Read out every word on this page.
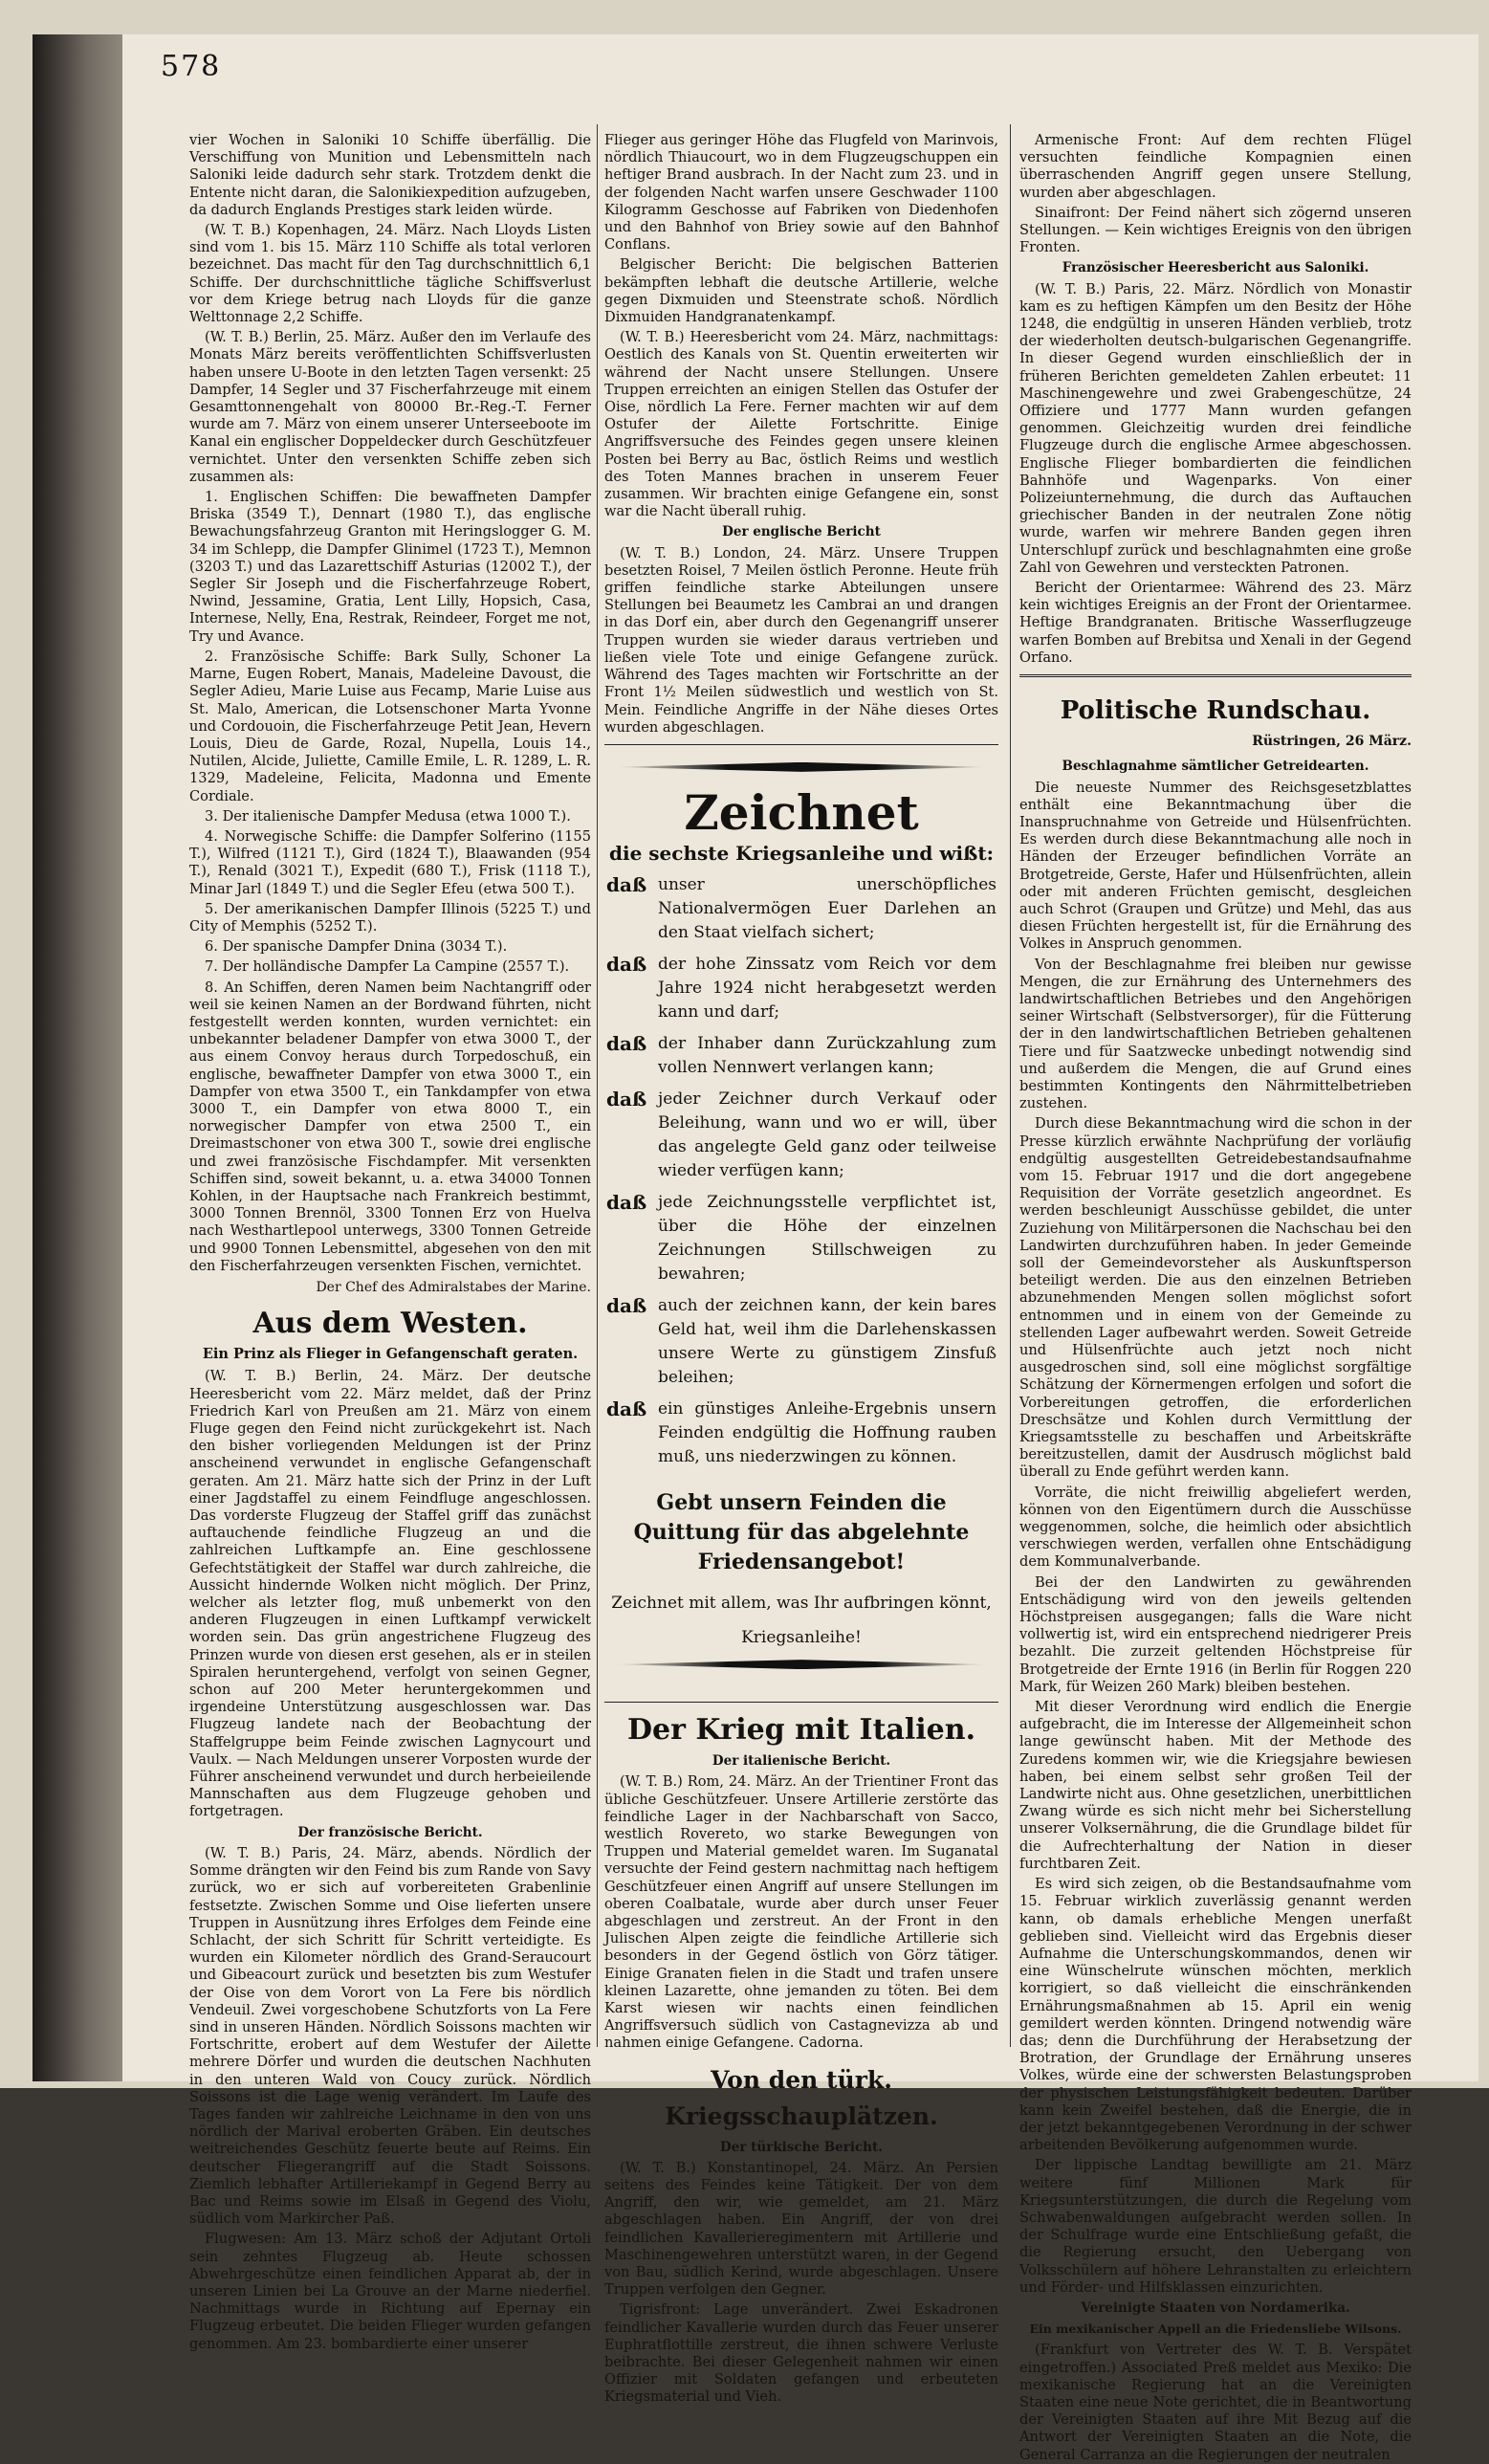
578

vier Wochen in Saloniki 10 Schiffe überfällig. Die Verschiffung von Munition und Lebensmitteln nach Saloniki leide dadurch sehr stark. Trotzdem denkt die Entente nicht daran, die Salonikiexpedition aufzugeben, da dadurch Englands Prestiges stark leiden würde.

(W. T. B.) Kopenhagen, 24. März. Nach Lloyds Listen sind vom 1. bis 15. März 110 Schiffe als total verloren bezeichnet. Das macht für den Tag durchschnittlich 6,1 Schiffe. Der durchschnittliche tägliche Schiffsverlust vor dem Kriege betrug nach Lloyds für die ganze Welttonnage 2,2 Schiffe.

(W. T. B.) Berlin, 25. März. Außer den im Verlaufe des Monats März bereits veröffentlichten Schiffsverlusten haben unsere U-Boote in den letzten Tagen versenkt: 25 Dampfer, 14 Segler und 37 Fischerfahrzeuge mit einem Gesamttonnengehalt von 80000 Br.-Reg.-T. Ferner wurde am 7. März von einem unserer Unterseeboote im Kanal ein englischer Doppeldecker durch Geschützfeuer vernichtet. Unter den versenkten Schiffe zeben sich zusammen als:

1. Englischen Schiffen: Die bewaffneten Dampfer Briska (3549 T.), Dennart (1980 T.), das englische Bewachungsfahrzeug Granton mit Heringslogger G. M. 34 im Schlepp, die Dampfer Glinimel (1723 T.), Memnon (3203 T.) und das Lazarettschiff Asturias (12002 T.), der Segler Sir Joseph und die Fischerfahrzeuge Robert, Nwind, Jessamine, Gratia, Lent Lilly, Hopsich, Casa, Internese, Nelly, Ena, Restrak, Reindeer, Forget me not, Try und Avance.

2. Französische Schiffe: Bark Sully, Schoner La Marne, Eugen Robert, Manais, Madeleine Davoust, die Segler Adieu, Marie Luise aus Fecamp, Marie Luise aus St. Malo, American, die Lotsenschoner Marta Yvonne und Cordouoin, die Fischerfahrzeuge Petit Jean, Hevern Louis, Dieu de Garde, Rozal, Nupella, Louis 14., Nutilen, Alcide, Juliette, Camille Emile, L. R. 1289, L. R. 1329, Madeleine, Felicita, Madonna und Emente Cordiale.

3. Der italienische Dampfer Medusa (etwa 1000 T.).

4. Norwegische Schiffe: die Dampfer Solferino (1155 T.), Wilfred (1121 T.), Gird (1824 T.), Blaawanden (954 T.), Renald (3021 T.), Expedit (680 T.), Frisk (1118 T.), Minar Jarl (1849 T.) und die Segler Efeu (etwa 500 T.).

5. Der amerikanischen Dampfer Illinois (5225 T.) und City of Memphis (5252 T.).

6. Der spanische Dampfer Dnina (3034 T.).

7. Der holländische Dampfer La Campine (2557 T.).

8. An Schiffen, deren Namen beim Nachtangriff oder weil sie keinen Namen an der Bordwand führten, nicht festgestellt werden konnten, wurden vernichtet: ein unbekannter beladener Dampfer von etwa 3000 T., der aus einem Convoy heraus durch Torpedoschuß, ein englische, bewaffneter Dampfer von etwa 3000 T., ein Dampfer von etwa 3500 T., ein Tankdampfer von etwa 3000 T., ein Dampfer von etwa 8000 T., ein norwegischer Dampfer von etwa 2500 T., ein Dreimastschoner von etwa 300 T., sowie drei englische und zwei französische Fischdampfer. Mit versenkten Schiffen sind, soweit bekannt, u. a. etwa 34000 Tonnen Kohlen, in der Hauptsache nach Frankreich bestimmt, 3000 Tonnen Brennöl, 3300 Tonnen Erz von Huelva nach Westhartlepool unterwegs, 3300 Tonnen Getreide und 9900 Tonnen Lebensmittel, abgesehen von den mit den Fischerfahrzeugen versenkten Fischen, vernichtet.

Der Chef des Admiralstabes der Marine.
Aus dem Westen.
Ein Prinz als Flieger in Gefangenschaft geraten.

(W. T. B.) Berlin, 24. März. Der deutsche Heeresbericht vom 22. März meldet, daß der Prinz Friedrich Karl von Preußen am 21. März von einem Fluge gegen den Feind nicht zurückgekehrt ist. Nach den bisher vorliegenden Meldungen ist der Prinz anscheinend verwundet in englische Gefangenschaft geraten. Am 21. März hatte sich der Prinz in der Luft einer Jagdstaffel zu einem Feindfluge angeschlossen. Das vorderste Flugzeug der Staffel griff das zunächst auftauchende feindliche Flugzeug an und die zahlreichen Luftkampfe an. Eine geschlossene Gefechtstätigkeit der Staffel war durch zahlreiche, die Aussicht hindernde Wolken nicht möglich. Der Prinz, welcher als letzter flog, muß unbemerkt von den anderen Flugzeugen in einen Luftkampf verwickelt worden sein. Das grün angestrichene Flugzeug des Prinzen wurde von diesen erst gesehen, als er in steilen Spiralen heruntergehend, verfolgt von seinen Gegner, schon auf 200 Meter heruntergekommen und irgendeine Unterstützung ausgeschlossen war. Das Flugzeug landete nach der Beobachtung der Staffelgruppe beim Feinde zwischen Lagnycourt und Vaulx. — Nach Meldungen unserer Vorposten wurde der Führer anscheinend verwundet und durch herbeieilende Mannschaften aus dem Flugzeuge gehoben und fortgetragen.

Der französische Bericht.

(W. T. B.) Paris, 24. März, abends. Nördlich der Somme drängten wir den Feind bis zum Rande von Savy zurück, wo er sich auf vorbereiteten Grabenlinie festsetzte. Zwischen Somme und Oise lieferten unsere Truppen in Ausnützung ihres Erfolges dem Feinde eine Schlacht, der sich Schritt für Schritt verteidigte. Es wurden ein Kilometer nördlich des Grand-Seraucourt und Gibeacourt zurück und besetzten bis zum Westufer der Oise von dem Vorort von La Fere bis nördlich Vendeuil. Zwei vorgeschobene Schutzforts von La Fere sind in unseren Händen. Nördlich Soissons machten wir Fortschritte, erobert auf dem Westufer der Ailette mehrere Dörfer und wurden die deutschen Nachhuten in den unteren Wald von Coucy zurück. Nördlich Soissons ist die Lage wenig verändert. Im Laufe des Tages fanden wir zahlreiche Leichname in den von uns nördlich der Marival eroberten Gräben. Ein deutsches weitreichendes Geschütz feuerte beute auf Reims. Ein deutscher Fliegerangriff auf die Stadt Soissons. Ziemlich lebhafter Artilleriekampf in Gegend Berry au Bac und Reims sowie im Elsaß in Gegend des Violu, südlich vom Markircher Paß.

Flugwesen: Am 13. März schoß der Adjutant Ortoli sein zehntes Flugzeug ab. Heute schossen Abwehrgeschütze einen feindlichen Apparat ab, der in unseren Linien bei La Grouve an der Marne niederfiel. Nachmittags wurde in Richtung auf Epernay ein Flugzeug erbeutet. Die beiden Flieger wurden gefangen genommen. Am 23. bombardierte einer unserer

Flieger aus geringer Höhe das Flugfeld von Marinvois, nördlich Thiaucourt, wo in dem Flugzeugschuppen ein heftiger Brand ausbrach. In der Nacht zum 23. und in der folgenden Nacht warfen unsere Geschwader 1100 Kilogramm Geschosse auf Fabriken von Diedenhofen und den Bahnhof von Briey sowie auf den Bahnhof Conflans.

Belgischer Bericht: Die belgischen Batterien bekämpften lebhaft die deutsche Artillerie, welche gegen Dixmuiden und Steenstrate schoß. Nördlich Dixmuiden Handgranatenkampf.

(W. T. B.) Heeresbericht vom 24. März, nachmittags: Oestlich des Kanals von St. Quentin erweiterten wir während der Nacht unsere Stellungen. Unsere Truppen erreichten an einigen Stellen das Ostufer der Oise, nördlich La Fere. Ferner machten wir auf dem Ostufer der Ailette Fortschritte. Einige Angriffsversuche des Feindes gegen unsere kleinen Posten bei Berry au Bac, östlich Reims und westlich des Toten Mannes brachen in unserem Feuer zusammen. Wir brachten einige Gefangene ein, sonst war die Nacht überall ruhig.

Der englische Bericht

(W. T. B.) London, 24. März. Unsere Truppen besetzten Roisel, 7 Meilen östlich Peronne. Heute früh griffen feindliche starke Abteilungen unsere Stellungen bei Beaumetz les Cambrai an und drangen in das Dorf ein, aber durch den Gegenangriff unserer Truppen wurden sie wieder daraus vertrieben und ließen viele Tote und einige Gefangene zurück. Während des Tages machten wir Fortschritte an der Front 1½ Meilen südwestlich und westlich von St. Mein. Feindliche Angriffe in der Nähe dieses Ortes wurden abgeschlagen.

Zeichnet
die sechste Kriegsanleihe und wißt:
daß unser unerschöpfliches Nationalvermögen Euer Darlehen an den Staat vielfach sichert;
daß der hohe Zinssatz vom Reich vor dem Jahre 1924 nicht herabgesetzt werden kann und darf;
daß der Inhaber dann Zurückzahlung zum vollen Nennwert verlangen kann;
daß jeder Zeichner durch Verkauf oder Beleihung, wann und wo er will, über das angelegte Geld ganz oder teilweise wieder verfügen kann;
daß jede Zeichnungsstelle verpflichtet ist, über die Höhe der einzelnen Zeichnungen Stillschweigen zu bewahren;
daß auch der zeichnen kann, der kein bares Geld hat, weil ihm die Darlehenskassen unsere Werte zu günstigem Zinsfuß beleihen;
daß ein günstiges Anleihe-Ergebnis unsern Feinden endgültig die Hoffnung rauben muß, uns niederzwingen zu können.
Gebt unsern Feinden die Quittung für das abgelehnte Friedensangebot!
Zeichnet mit allem, was Ihr aufbringen könnt,
Kriegsanleihe!
Der Krieg mit Italien.
Der italienische Bericht.

(W. T. B.) Rom, 24. März. An der Trientiner Front das übliche Geschützfeuer. Unsere Artillerie zerstörte das feindliche Lager in der Nachbarschaft von Sacco, westlich Rovereto, wo starke Bewegungen von Truppen und Material gemeldet waren. Im Suganatal versuchte der Feind gestern nachmittag nach heftigem Geschützfeuer einen Angriff auf unsere Stellungen im oberen Coalbatale, wurde aber durch unser Feuer abgeschlagen und zerstreut. An der Front in den Julischen Alpen zeigte die feindliche Artillerie sich besonders in der Gegend östlich von Görz tätiger. Einige Granaten fielen in die Stadt und trafen unsere kleinen Lazarette, ohne jemanden zu töten. Bei dem Karst wiesen wir nachts einen feindlichen Angriffsversuch südlich von Castagnevizza ab und nahmen einige Gefangene. Cadorna.

Von den türk. Kriegsschauplätzen.
Der türkische Bericht.

(W. T. B.) Konstantinopel, 24. März. An Persien seitens des Feindes keine Tätigkeit. Der von dem Angriff, den wir, wie gemeldet, am 21. März abgeschlagen haben. Ein Angriff, der von drei feindlichen Kavallerieregimentern mit Artillerie und Maschinengewehren unterstützt waren, in der Gegend von Bau, südlich Kerind, wurde abgeschlagen. Unsere Truppen verfolgen den Gegner.

Tigrisfront: Lage unverändert. Zwei Eskadronen feindlicher Kavallerie wurden durch das Feuer unserer Euphratflottille zerstreut, die ihnen schwere Verluste beibrachte. Bei dieser Gelegenheit nahmen wir einen Offizier mit Soldaten gefangen und erbeuteten Kriegsmaterial und Vieh.

Armenische Front: Auf dem rechten Flügel versuchten feindliche Kompagnien einen überraschenden Angriff gegen unsere Stellung, wurden aber abgeschlagen.

Sinaifront: Der Feind nähert sich zögernd unseren Stellungen. — Kein wichtiges Ereignis von den übrigen Fronten.

Französischer Heeresbericht aus Saloniki.

(W. T. B.) Paris, 22. März. Nördlich von Monastir kam es zu heftigen Kämpfen um den Besitz der Höhe 1248, die endgültig in unseren Händen verblieb, trotz der wiederholten deutsch-bulgarischen Gegenangriffe. In dieser Gegend wurden einschließlich der in früheren Berichten gemeldeten Zahlen erbeutet: 11 Maschinengewehre und zwei Grabengeschütze, 24 Offiziere und 1777 Mann wurden gefangen genommen. Gleichzeitig wurden drei feindliche Flugzeuge durch die englische Armee abgeschossen. Englische Flieger bombardierten die feindlichen Bahnhöfe und Wagenparks. Von einer Polizeiunternehmung, die durch das Auftauchen griechischer Banden in der neutralen Zone nötig wurde, warfen wir mehrere Banden gegen ihren Unterschlupf zurück und beschlagnahmten eine große Zahl von Gewehren und versteckten Patronen.

Bericht der Orientarmee: Während des 23. März kein wichtiges Ereignis an der Front der Orientarmee. Heftige Brandgranaten. Britische Wasserflugzeuge warfen Bomben auf Brebitsa und Xenali in der Gegend Orfano.

Politische Rundschau.
Rüstringen, 26 März.
Beschlagnahme sämtlicher Getreidearten.

Die neueste Nummer des Reichsgesetzblattes enthält eine Bekanntmachung über die Inanspruchnahme von Getreide und Hülsenfrüchten. Es werden durch diese Bekanntmachung alle noch in Händen der Erzeuger befindlichen Vorräte an Brotgetreide, Gerste, Hafer und Hülsenfrüchten, allein oder mit anderen Früchten gemischt, desgleichen auch Schrot (Graupen und Grütze) und Mehl, das aus diesen Früchten hergestellt ist, für die Ernährung des Volkes in Anspruch genommen.

Von der Beschlagnahme frei bleiben nur gewisse Mengen, die zur Ernährung des Unternehmers des landwirtschaftlichen Betriebes und den Angehörigen seiner Wirtschaft (Selbstversorger), für die Fütterung der in den landwirtschaftlichen Betrieben gehaltenen Tiere und für Saatzwecke unbedingt notwendig sind und außerdem die Mengen, die auf Grund eines bestimmten Kontingents den Nährmittelbetrieben zustehen.

Durch diese Bekanntmachung wird die schon in der Presse kürzlich erwähnte Nachprüfung der vorläufig endgültig ausgestellten Getreidebestandsaufnahme vom 15. Februar 1917 und die dort angegebene Requisition der Vorräte gesetzlich angeordnet. Es werden beschleunigt Ausschüsse gebildet, die unter Zuziehung von Militärpersonen die Nachschau bei den Landwirten durchzuführen haben. In jeder Gemeinde soll der Gemeindevorsteher als Auskunftsperson beteiligt werden. Die aus den einzelnen Betrieben abzunehmenden Mengen sollen möglichst sofort entnommen und in einem von der Gemeinde zu stellenden Lager aufbewahrt werden. Soweit Getreide und Hülsenfrüchte auch jetzt noch nicht ausgedroschen sind, soll eine möglichst sorgfältige Schätzung der Körnermengen erfolgen und sofort die Vorbereitungen getroffen, die erforderlichen Dreschsätze und Kohlen durch Vermittlung der Kriegsamtsstelle zu beschaffen und Arbeitskräfte bereitzustellen, damit der Ausdrusch möglichst bald überall zu Ende geführt werden kann.

Vorräte, die nicht freiwillig abgeliefert werden, können von den Eigentümern durch die Ausschüsse weggenommen, solche, die heimlich oder absichtlich verschwiegen werden, verfallen ohne Entschädigung dem Kommunalverbande.

Bei der den Landwirten zu gewährenden Entschädigung wird von den jeweils geltenden Höchstpreisen ausgegangen; falls die Ware nicht vollwertig ist, wird ein entsprechend niedrigerer Preis bezahlt. Die zurzeit geltenden Höchstpreise für Brotgetreide der Ernte 1916 (in Berlin für Roggen 220 Mark, für Weizen 260 Mark) bleiben bestehen.

Mit dieser Verordnung wird endlich die Energie aufgebracht, die im Interesse der Allgemeinheit schon lange gewünscht haben. Mit der Methode des Zuredens kommen wir, wie die Kriegsjahre bewiesen haben, bei einem selbst sehr großen Teil der Landwirte nicht aus. Ohne gesetzlichen, unerbittlichen Zwang würde es sich nicht mehr bei Sicherstellung unserer Volksernährung, die die Grundlage bildet für die Aufrechterhaltung der Nation in dieser furchtbaren Zeit.

Es wird sich zeigen, ob die Bestandsaufnahme vom 15. Februar wirklich zuverlässig genannt werden kann, ob damals erhebliche Mengen unerfaßt geblieben sind. Vielleicht wird das Ergebnis dieser Aufnahme die Unterschungskommandos, denen wir eine Wünschelrute wünschen möchten, merklich korrigiert, so daß vielleicht die einschränkenden Ernährungsmaßnahmen ab 15. April ein wenig gemildert werden könnten. Dringend notwendig wäre das; denn die Durchführung der Herabsetzung der Brotration, der Grundlage der Ernährung unseres Volkes, würde eine der schwersten Belastungsproben der physischen Leistungsfähigkeit bedeuten. Darüber kann kein Zweifel bestehen, daß die Energie, die in der jetzt bekanntgegebenen Verordnung in der schwer arbeitenden Bevölkerung aufgenommen wurde.

Der lippische Landtag bewilligte am 21. März weitere fünf Millionen Mark für Kriegsunterstützungen, die durch die Regelung vom Schwabenwaldungen aufgebracht werden sollen. In der Schulfrage wurde eine Entschließung gefaßt, die die Regierung ersucht, den Uebergang von Volksschülern auf höhere Lehranstalten zu erleichtern und Förder- und Hilfsklassen einzurichten.

Vereinigte Staaten von Nordamerika.
Ein mexikanischer Appell an die Friedensliebe Wilsons.

(Frankfurt von Vertreter des W. T. B. Verspätet eingetroffen.) Associated Preß meldet aus Mexiko: Die mexikanische Regierung hat an die Vereinigten Staaten eine neue Note gerichtet, die in Beantwortung der Vereinigten Staaten auf ihre Mit Bezug auf die Antwort der Vereinigten Staaten an die Note, die General Carranza an die Regierungen der neutralen
